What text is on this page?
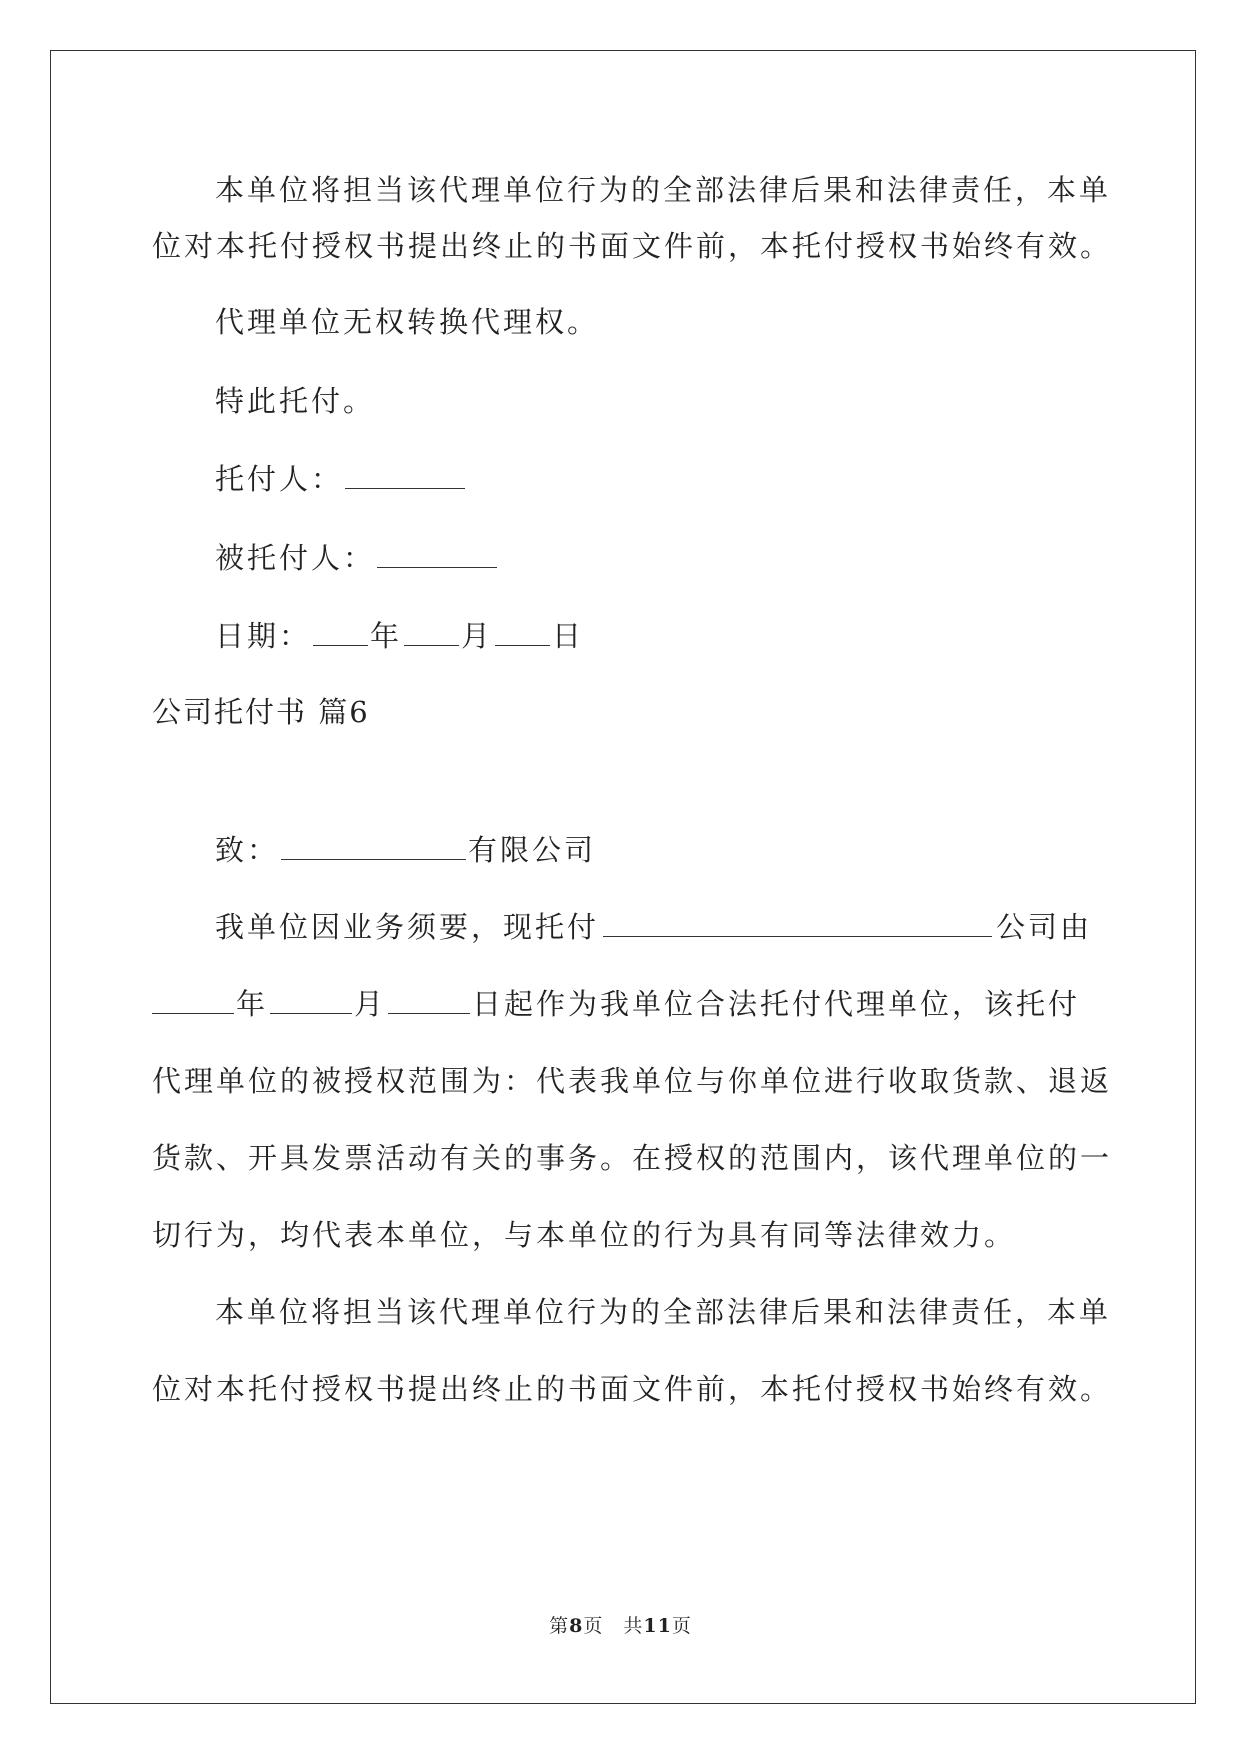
本单位将担当该代理单位行为的全部法律后果和法律责任，本单
位对本托付授权书提出终止的书面文件前，本托付授权书始终有效。
代理单位无权转换代理权。
特此托付。
托付人：
被托付人：
日期： 年 月 日
公司托付书 篇6
致：	有限公司
我单位因业务须要，现托付	公司由
年	月	日起作为我单位合法托付代理单位，该托付
代理单位的被授权范围为：代表我单位与你单位进行收取货款、退返
货款、开具发票活动有关的事务。在授权的范围内，该代理单位的一
切行为，均代表本单位，与本单位的行为具有同等法律效力。
本单位将担当该代理单位行为的全部法律后果和法律责任，本单
位对本托付授权书提出终止的书面文件前，本托付授权书始终有效。
第8页　共11页
